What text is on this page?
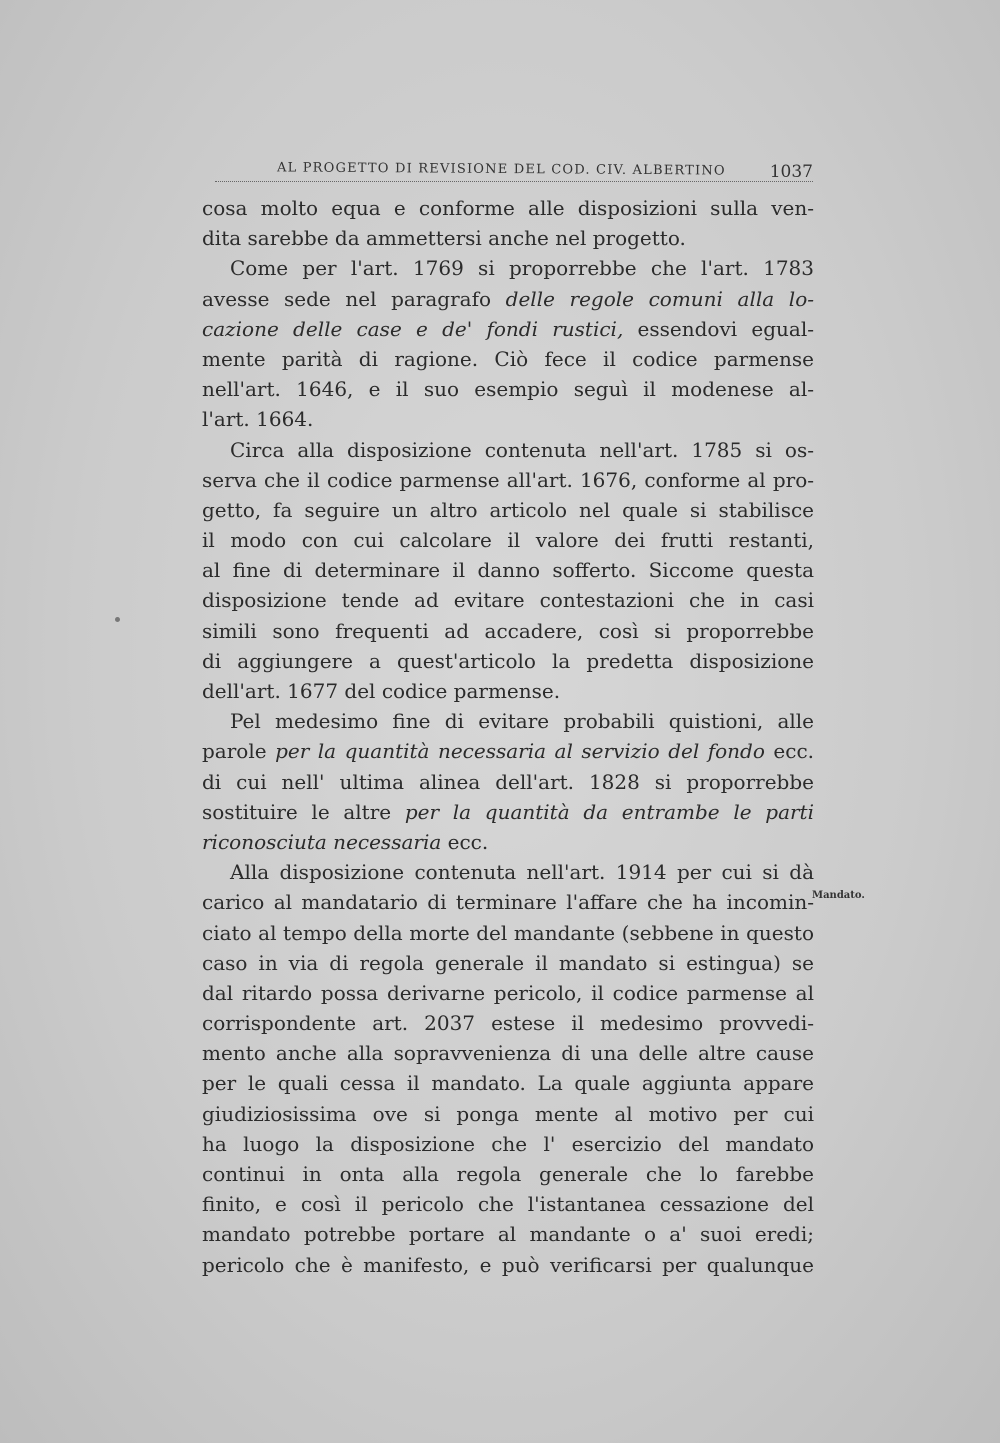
AL PROGETTO DI REVISIONE DEL COD. CIV. ALBERTINO	1037
cosa molto equa e conforme alle disposizioni sulla ven-
dita sarebbe da ammettersi anche nel progetto.
Come per l'art. 1769 si proporrebbe che l'art. 1783
avesse sede nel paragrafo delle regole comuni alla lo-
cazione delle case e de' fondi rustici, essendovi egual-
mente parità di ragione. Ciò fece il codice parmense
nell'art. 1646, e il suo esempio seguì il modenese al-
l'art. 1664.
Circa alla disposizione contenuta nell'art. 1785 si os-
serva che il codice parmense all'art. 1676, conforme al pro-
getto, fa seguire un altro articolo nel quale si stabilisce
il modo con cui calcolare il valore dei frutti restanti,
al fine di determinare il danno sofferto. Siccome questa
disposizione tende ad evitare contestazioni che in casi
simili sono frequenti ad accadere, così si proporrebbe
di aggiungere a quest'articolo la predetta disposizione
dell'art. 1677 del codice parmense.
Pel medesimo fine di evitare probabili quistioni, alle
parole per la quantità necessaria al servizio del fondo ecc.
di cui nell' ultima alinea dell'art. 1828 si proporrebbe
sostituire le altre per la quantità da entrambe le parti
riconosciuta necessaria ecc.
Alla disposizione contenuta nell'art. 1914 per cui si dà
carico al mandatario di terminare l'affare che ha incomin-
ciato al tempo della morte del mandante (sebbene in questo
caso in via di regola generale il mandato si estingua) se
dal ritardo possa derivarne pericolo, il codice parmense al
corrispondente art. 2037 estese il medesimo provvedi-
mento anche alla sopravvenienza di una delle altre cause
per le quali cessa il mandato. La quale aggiunta appare
giudiziosissima ove si ponga mente al motivo per cui
ha luogo la disposizione che l' esercizio del mandato
continui in onta alla regola generale che lo farebbe
finito, e così il pericolo che l'istantanea cessazione del
mandato potrebbe portare al mandante o a' suoi eredi;
pericolo che è manifesto, e può verificarsi per qualunque
Mandato.
